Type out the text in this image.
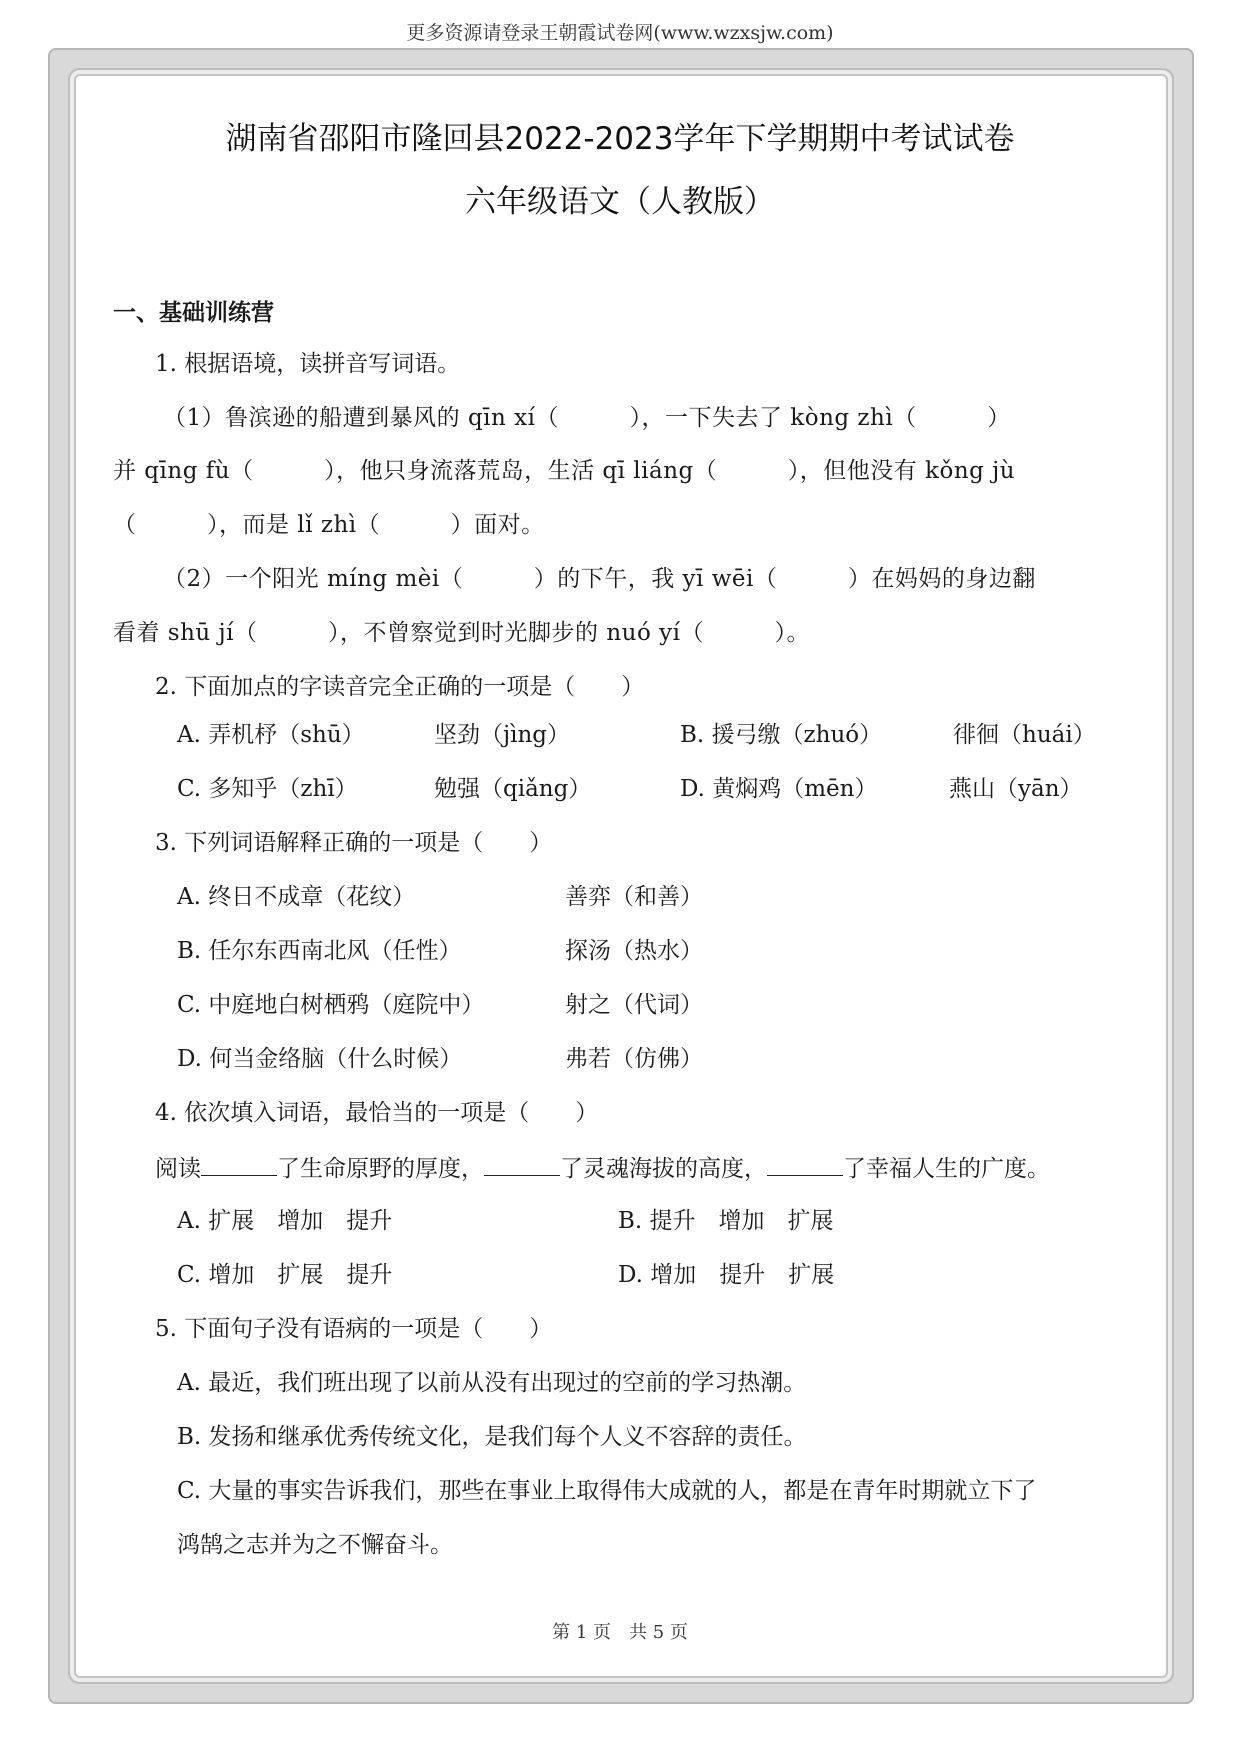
更多资源请登录王朝霞试卷网(www.wzxsjw.com)
湖南省邵阳市隆回县2022-2023学年下学期期中考试试卷
六年级语文（人教版）
一、基础训练营
1. 根据语境，读拼音写词语。
（1）鲁滨逊的船遭到暴风的 qīn xí（　　　），一下失去了 kòng zhì（　　　）
并 qīng fù（　　　），他只身流落荒岛，生活 qī liáng（　　　），但他没有 kǒng jù
（　　　），而是 lǐ zhì（　　　）面对。
（2）一个阳光 míng mèi（　　　）的下午，我 yī wēi（　　　）在妈妈的身边翻
看着 shū jí（　　　），不曾察觉到时光脚步的 nuó yí（　　　）。
2. 下面加点的字读音完全正确的一项是（　　）
A. 弄机杼（shū）	坚劲（jìng）	B. 援弓缴（zhuó）	徘徊（huái）
C. 多知乎（zhī）	勉强（qiǎng）	D. 黄焖鸡（mēn）	燕山（yān）
3. 下列词语解释正确的一项是（　　）
A. 终日不成章（花纹）	善弈（和善）
B. 任尔东西南北风（任性）	探汤（热水）
C. 中庭地白树栖鸦（庭院中）	射之（代词）
D. 何当金络脑（什么时候）	弗若（仿佛）
4. 依次填入词语，最恰当的一项是（　　）
阅读	了生命原野的厚度，	了灵魂海拔的高度，	了幸福人生的广度。
A. 扩展　增加　提升	B. 提升　增加　扩展
C. 增加　扩展　提升	D. 增加　提升　扩展
5. 下面句子没有语病的一项是（　　）
A. 最近，我们班出现了以前从没有出现过的空前的学习热潮。
B. 发扬和继承优秀传统文化，是我们每个人义不容辞的责任。
C. 大量的事实告诉我们，那些在事业上取得伟大成就的人，都是在青年时期就立下了
鸿鹄之志并为之不懈奋斗。
第 1 页　共 5 页
